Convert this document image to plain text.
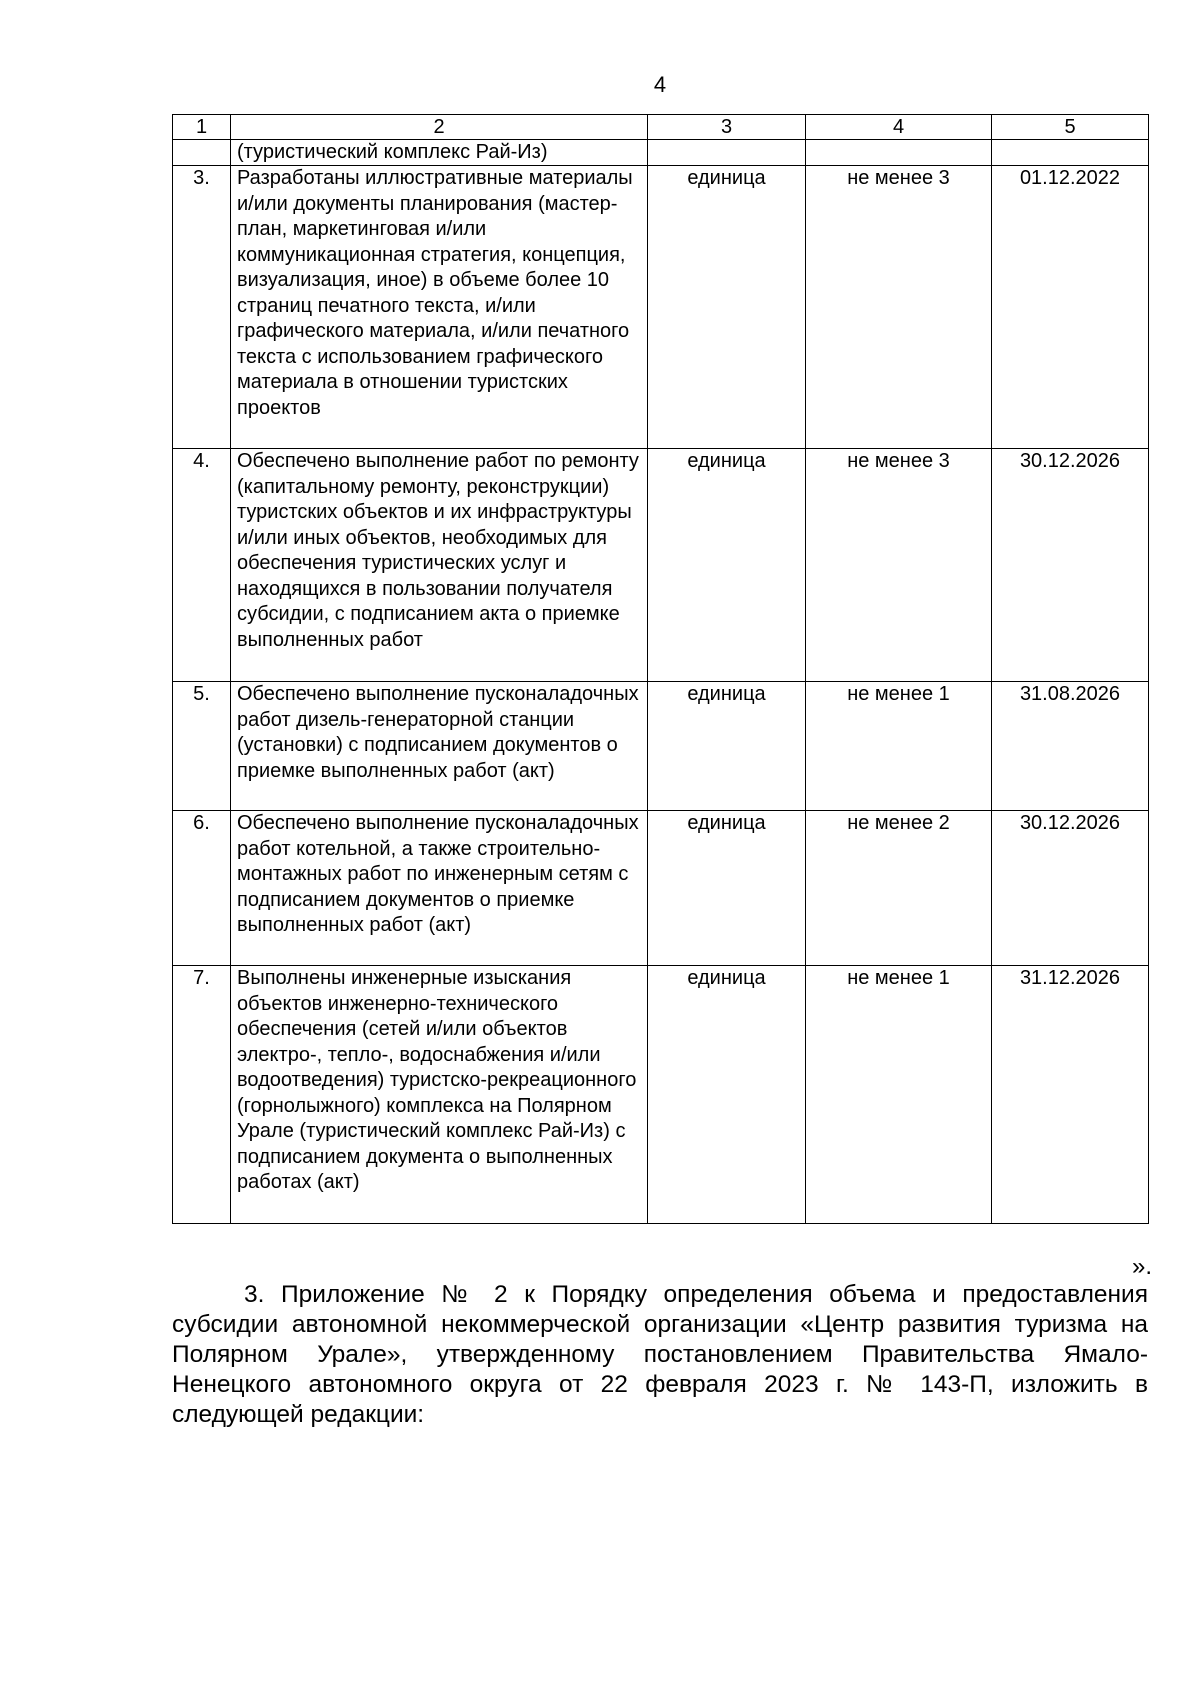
4
1	2	3	4	5
	(туристический комплекс Рай-Из)			
3.	Разработаны иллюстративные материалы и/или документы планирования (мастер-план, маркетинговая и/или коммуникационная стратегия, концепция, визуализация, иное) в объеме более 10 страниц печатного текста, и/или графического материала, и/или печатного текста с использованием графического материала в отношении туристских проектов	единица	не менее 3	01.12.2022
4.	Обеспечено выполнение работ по ремонту (капитальному ремонту, реконструкции) туристских объектов и их инфраструктуры и/или иных объектов, необходимых для обеспечения туристических услуг и находящихся в пользовании получателя субсидии, с подписанием акта о приемке выполненных работ	единица	не менее 3	30.12.2026
5.	Обеспечено выполнение пусконаладочных работ дизель-генераторной станции (установки) с подписанием документов о приемке выполненных работ (акт)	единица	не менее 1	31.08.2026
6.	Обеспечено выполнение пусконаладочных работ котельной, а также строительно-монтажных работ по инженерным сетям с подписанием документов о приемке выполненных работ (акт)	единица	не менее 2	30.12.2026
7.	Выполнены инженерные изыскания объектов инженерно-технического обеспечения (сетей и/или объектов электро-, тепло-, водоснабжения и/или водоотведения) туристско-рекреационного (горнолыжного) комплекса на Полярном Урале (туристический комплекс Рай-Из) с подписанием документа о выполненных работах (акт)	единица	не менее 1	31.12.2026
».

3. Приложение № 2 к Порядку определения объема и предоставления субсидии автономной некоммерческой организации «Центр развития туризма на Полярном Урале», утвержденному постановлением Правительства Ямало-Ненецкого автономного округа от 22 февраля 2023 г. № 143-П, изложить в следующей редакции:
